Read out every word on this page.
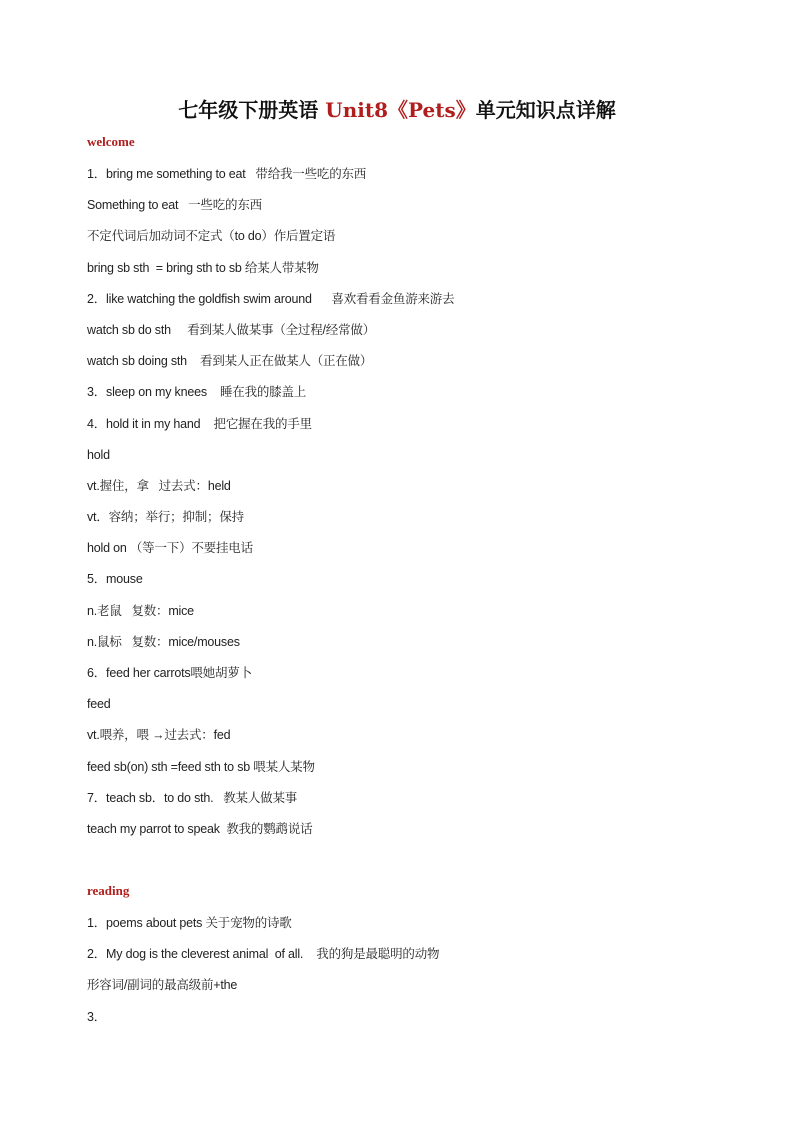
七年级下册英语 Unit8《Pets》单元知识点详解
welcome
1．bring me something to eat   带给我一些吃的东西
Something to eat   一些吃的东西
不定代词后加动词不定式（to do）作后置定语
bring sb sth  = bring sth to sb 给某人带某物
2．like watching the goldfish swim around      喜欢看看金鱼游来游去
watch sb do sth     看到某人做某事（全过程/经常做）
watch sb doing sth    看到某人正在做某人（正在做）
3．sleep on my knees    睡在我的膝盖上
4．hold it in my hand    把它握在我的手里
hold
vt.握住，拿   过去式：held
vt．容纳；举行；抑制；保持
hold on （等一下）不要挂电话
5．mouse
n.老鼠   复数：mice
n.鼠标   复数：mice/mouses
6．feed her carrots喂她胡萝卜
feed
vt.喂养，喂 →过去式：fed
feed sb(on) sth =feed sth to sb 喂某人某物
7．teach sb．to do sth.   教某人做某事
teach my parrot to speak  教我的鹦鹉说话
reading
1．poems about pets 关于宠物的诗歌
2．My dog is the cleverest animal  of all.    我的狗是最聪明的动物
形容词/副词的最高级前+the
3．
